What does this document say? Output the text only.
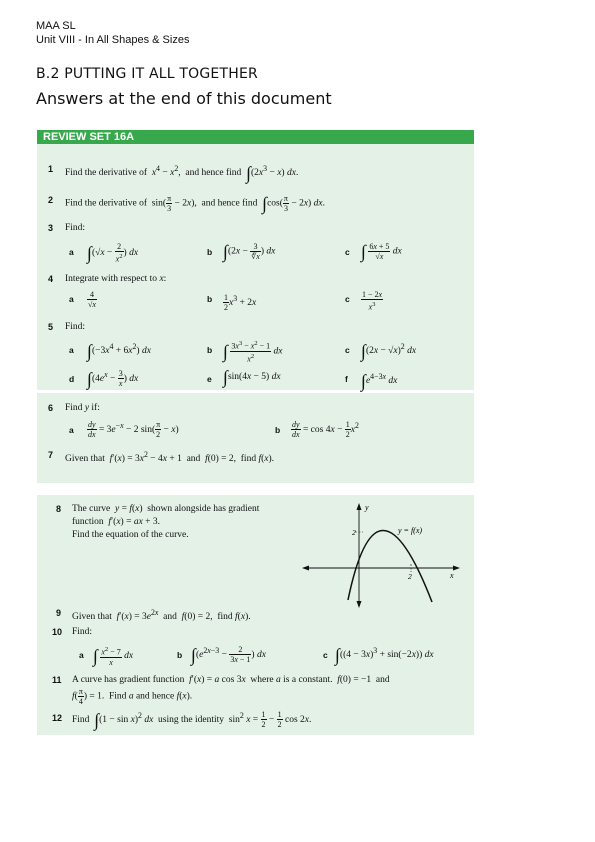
MAA SL
Unit VIII - In All Shapes & Sizes
B.2 PUTTING IT ALL TOGETHER
Answers at the end of this document
REVIEW SET 16A
1 Find the derivative of  $x^4 - x^2$,  and hence find  $\int(2x^3 - x)$ dx.
2 Find the derivative of  $\sin( \frac{\pi}{3} - 2x)$,  and hence find  $\int\cos( \frac{\pi}{3} - 2x)$ dx.
3 Find:
a $\int(√x - \frac{2}{x^2}$ ) dx	b $\int(2x - \frac{3}{∛x}$ ) dx	c ∫ $\frac{6x + 5}{√x}$ dx
4 Integrate with respect to x:
a $\frac{4}{√x}$	b $\frac{1}{2} x^3 + 2x$	c $\frac{1 - 2x}{x^3}$
5 Find:
a $\int(-3x^4 + 6x^2)$ dx	b ∫ $\frac{3x^3 - x^2 - 1}{x^2}$ dx	c $\int(2x - √x)^2$ dx
d $\int(4e^x - \frac{3}{x}$ ) dx	e ∫sin(4x − 5) dx	f $\int e^{4-3x}$ dx
6 Find y if:
a $\frac{dy}{dx} = 3e^{-x} - 2$ $\sin( \frac{\pi}{2} - x)$	b $\frac{dy}{dx} = \cos 4x - \frac{1}{2} x^2$
7 Given that  $f'(x) = 3x^2 - 4x + 1$  and  f(0) = 2,  find f(x).
8 The curve  y = f(x)  shown alongside has gradient
function  f′(x) = ax + 3.
Find the equation of the curve.
y
x
y = f(x)
2
2
9 Given that  $f'(x) = 3e^{2x}$  and  f(0) = 2,  find f(x).
10 Find:
a ∫ $\frac{x^2 - 7}{x}$ dx	b $\int(e^{2x-3} - \frac{2}{3x - 1}$ ) dx	c $\int((4 - 3x)^3 + \sin(-2x))$ dx
11 A curve has gradient function  f′(x) = a cos 3x  where a is a constant.  f(0) = −1  and
$f( \frac{\pi}{4}$ ) = 1.  Find a and hence f(x).
12 Find  $\int(1 - \sin x)^2$ dx  using the identity  $\sin^2 x = \frac{1}{2} - \frac{1}{2}$ cos 2x.
